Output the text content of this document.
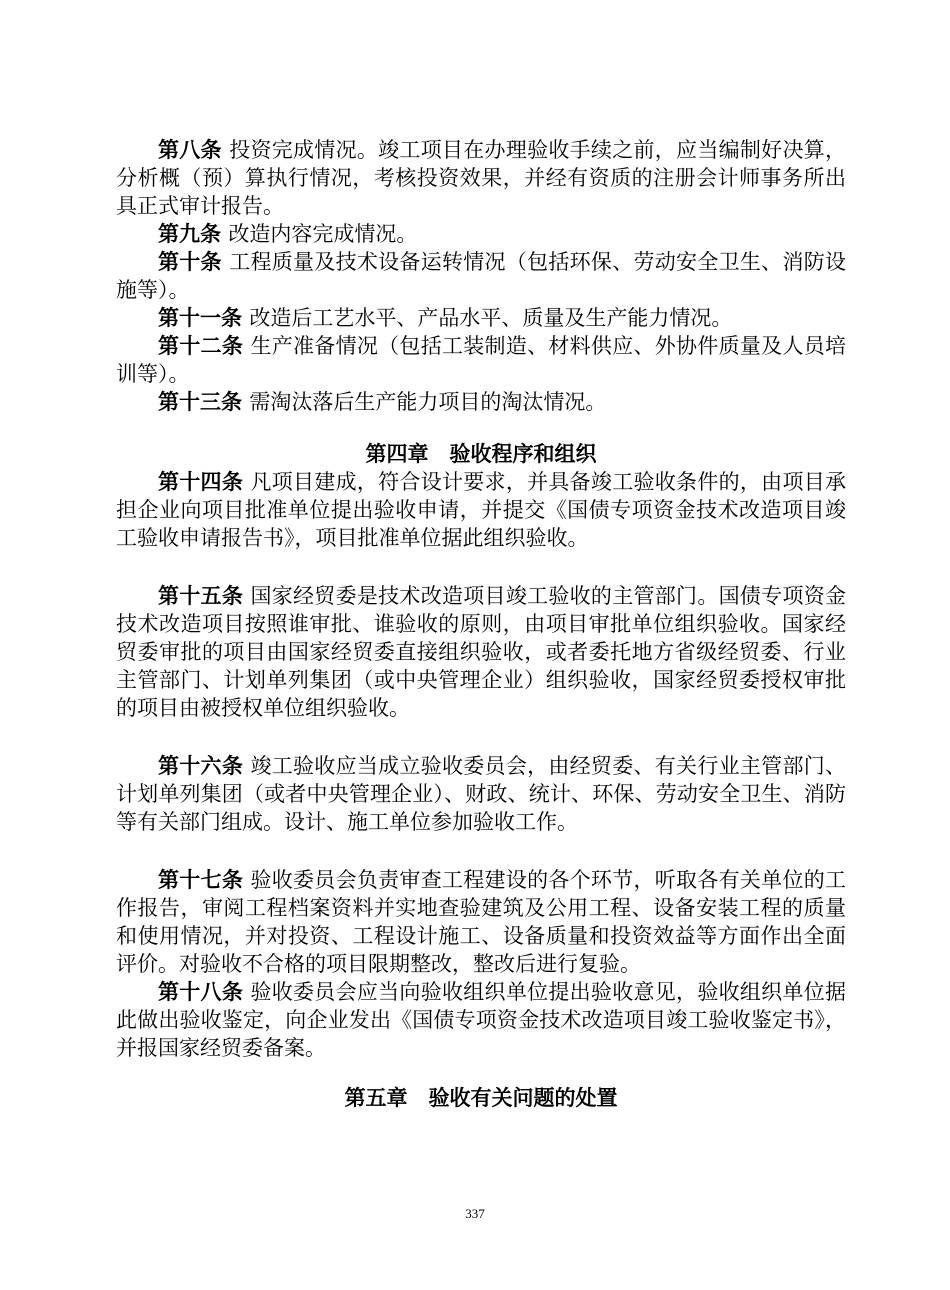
第八条 投资完成情况。竣工项目在办理验收手续之前，应当编制好决算，分析概（预）算执行情况，考核投资效果，并经有资质的注册会计师事务所出具正式审计报告。

第九条 改造内容完成情况。

第十条 工程质量及技术设备运转情况（包括环保、劳动安全卫生、消防设施等）。

第十一条 改造后工艺水平、产品水平、质量及生产能力情况。

第十二条 生产准备情况（包括工装制造、材料供应、外协件质量及人员培训等）。

第十三条 需淘汰落后生产能力项目的淘汰情况。

第四章　验收程序和组织

第十四条 凡项目建成，符合设计要求，并具备竣工验收条件的，由项目承担企业向项目批准单位提出验收申请，并提交《国债专项资金技术改造项目竣工验收申请报告书》，项目批准单位据此组织验收。

第十五条 国家经贸委是技术改造项目竣工验收的主管部门。国债专项资金技术改造项目按照谁审批、谁验收的原则，由项目审批单位组织验收。国家经贸委审批的项目由国家经贸委直接组织验收，或者委托地方省级经贸委、行业主管部门、计划单列集团（或中央管理企业）组织验收，国家经贸委授权审批的项目由被授权单位组织验收。

第十六条 竣工验收应当成立验收委员会，由经贸委、有关行业主管部门、计划单列集团（或者中央管理企业）、财政、统计、环保、劳动安全卫生、消防等有关部门组成。设计、施工单位参加验收工作。

第十七条 验收委员会负责审查工程建设的各个环节，听取各有关单位的工作报告，审阅工程档案资料并实地查验建筑及公用工程、设备安装工程的质量和使用情况，并对投资、工程设计施工、设备质量和投资效益等方面作出全面评价。对验收不合格的项目限期整改，整改后进行复验。

第十八条 验收委员会应当向验收组织单位提出验收意见，验收组织单位据此做出验收鉴定，向企业发出《国债专项资金技术改造项目竣工验收鉴定书》，并报国家经贸委备案。

第五章　验收有关问题的处置
337
